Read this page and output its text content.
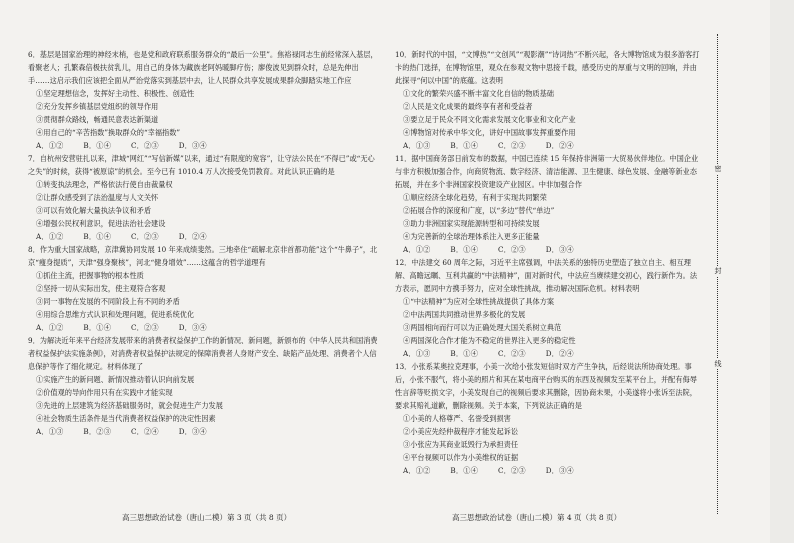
6．基层是国家治理的神经末梢，也是党和政府联系服务群众的“最后一公里”。焦裕禄同志生前经常深入基层，看聚老人；孔繁森倍极扶贫乳儿，用自己的身体为藏族老阿妈暖脚疗伤；廖俊波见到群众时，总是先伸出手……这启示我们应该把全面从严治党落实到基层中去，让人民群众共享发展成果群众脚踏实地工作应
①坚定理想信念，发挥好主动性、积极性、创造性
②充分发挥乡镇基层党组织的领导作用
③贯彻群众路线，畅通民意表达新渠道
④用自己的“辛苦指数”换取群众的“幸福指数”
A．①②        B．①④        C．②③        D．③④
7．自杭州安营驻扎以来，津城“网红”“写信新媒”以来，通过“有限度的宽容”，让守法公民在“不得已”或“无心之失”的时候，获得“被原谅”的机会。至今已有 1010.4 万人次接受免罚教育。对此认识正确的是
①转变执法理念，严格依法行使自由裁量权
②让群众感受到了法治温度与人文关怀
③可以有效化解大量执法争议和矛盾
④增强公民权利意识，促进法治社会建设
A．①②        B．①④        C．②③        D．②④
8．作为重大国家战略，京津冀协同发展 10 年来成绩斐然。三地牵住“疏解北京非首都功能”这个“牛鼻子”，北京“瘦身提质”，天津“强身聚核”，河北“健身增效”……这蕴含的哲学道理有
①抓住主流，把握事物的根本性质
②坚持一切从实际出发，使主观符合客观
③同一事物在发展的不同阶段上有不同的矛盾
④用综合思维方式认识和处理问题，促进系统优化
A．①②        B．①④        C．②③        D．③④
9．为解决近年来平台经济发展带来的消费者权益保护工作的新情况、新问题，新颁布的《中华人民共和国消费者权益保护法实施条例》，对消费者权益保护法规定的保障消费者人身财产安全、缺陷产品处理、消费者个人信息保护等作了细化规定。材料体现了
①实施产生的新问题、新情况推动着认识向前发展
②价值观的导向作用只有在实践中才能实现
③先进的上层建筑为经济基础服务时，就会促进生产力发展
④社会物质生活条件是当代消费者权益保护的决定性因素
A．①③        B．②③        C．②④        D．③④
10．新时代的中国，“文博热”“文创风”“观影潮”“诗词热”不断兴起，各大博物馆成为很多游客打卡的热门选择，在博物馆里，观众在参观文物中思接千载，感受历史的厚重与文明的回响，并由此探寻“何以中国”的底蕴。这表明
①文化的繁荣兴盛不断丰富文化自信的物质基础
②人民是文化成果的最终享有者和受益者
③要立足于民众不同文化需求发展文化事业和文化产业
④博物馆对传承中华文化，讲好中国故事发挥重要作用
A．①③        B．①④        C．②③        D．②④
11．据中国商务部日前发布的数据，中国已连续 15 年保持非洲第一大贸易伙伴地位。中国企业与非方积极加强合作，向商贸物流、数字经济、清洁能源、卫生健康、绿色发展、金融等新业态拓展，并在多个非洲国家投资建设产业园区。中非加强合作
①顺应经济全球化趋势，有利于实现共同繁荣
②拓展合作的深度和广度，以“多边”替代“单边”
③助力非洲国家实现能源转型和可持续发展
④为完善新的全球治理体系注入更多正能量
A．①②        B．①④        C．②③        D．③④
12．中法建交 60 周年之际，习近平主席强调，中法关系的独特历史塑造了独立自主、相互理解、高瞻远瞩、互利共赢的“中法精神”，面对新时代，中法应当赓续建交初心，践行新作为。法方表示，愿同中方携手努力，应对全球性挑战，推动解决国际危机。材料表明
①“中法精神”为应对全球性挑战提供了具体方案
②中法两国共同推动世界多极化的发展
③两国相向而行可以为正确处理大国关系树立典范
④两国深化合作才能为不稳定的世界注入更多的稳定性
A．①③        B．①④        C．②③        D．②④
13．小张系某奥拉克理事，小美一次给小张发短信时双方产生争执，后经说法所协商处理。事后，小张不服气，将小美的照片和其在某电商平台购买的东西及视频发至某平台上，并配有侮辱性言辞等贬损文字，小美发现自己的视频后要求其删除，因协商未果，小美遂将小张诉至法院，要求其赔礼道歉，删除视频。关于本案，下列说法正确的是
①小美的人格尊严、名誉受到损害
②小美应先经仲裁程序才能发起诉讼
③小张应为其商业诋毁行为承担责任
④平台视频可以作为小美维权的证据
A．①②        B．①④        C．②③        D．③④
高三思想政治试卷（唐山二模）第 3 页（共 8 页）	高三思想政治试卷（唐山二模）第 4 页（共 8 页）
密
封
线
